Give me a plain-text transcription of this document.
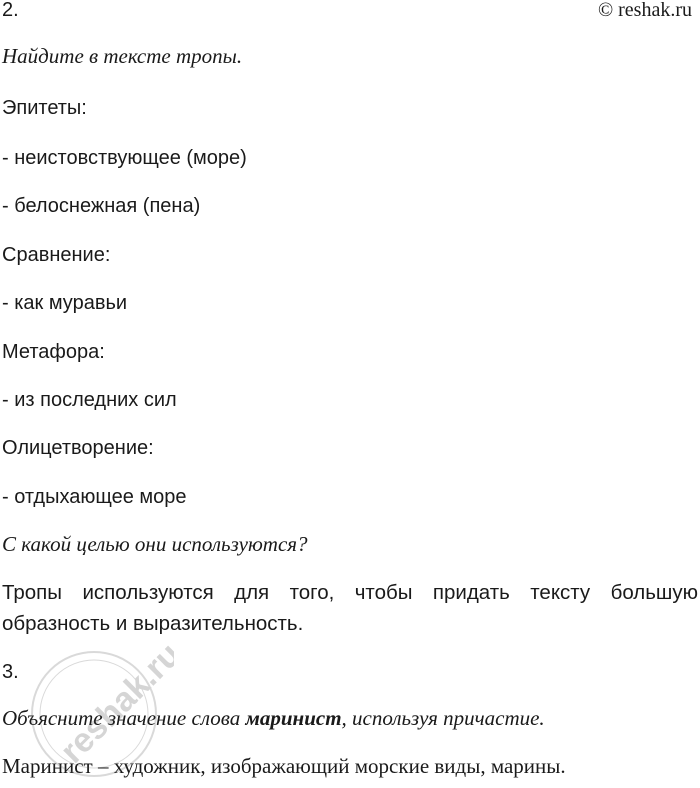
2.	© reshak.ru
Найдите в тексте тропы.
Эпитеты:
- неистовствующее (море)
- белоснежная (пена)
Сравнение:
- как муравьи
Метафора:
- из последних сил
Олицетворение:
- отдыхающее море
С какой целью они используются?
Тропы используются для того, чтобы придать тексту большую образность и выразительность.
3.
Объясните значение слова маринист, используя причастие.
Маринист – художник, изображающий морские виды, марины.
reshak.ru
